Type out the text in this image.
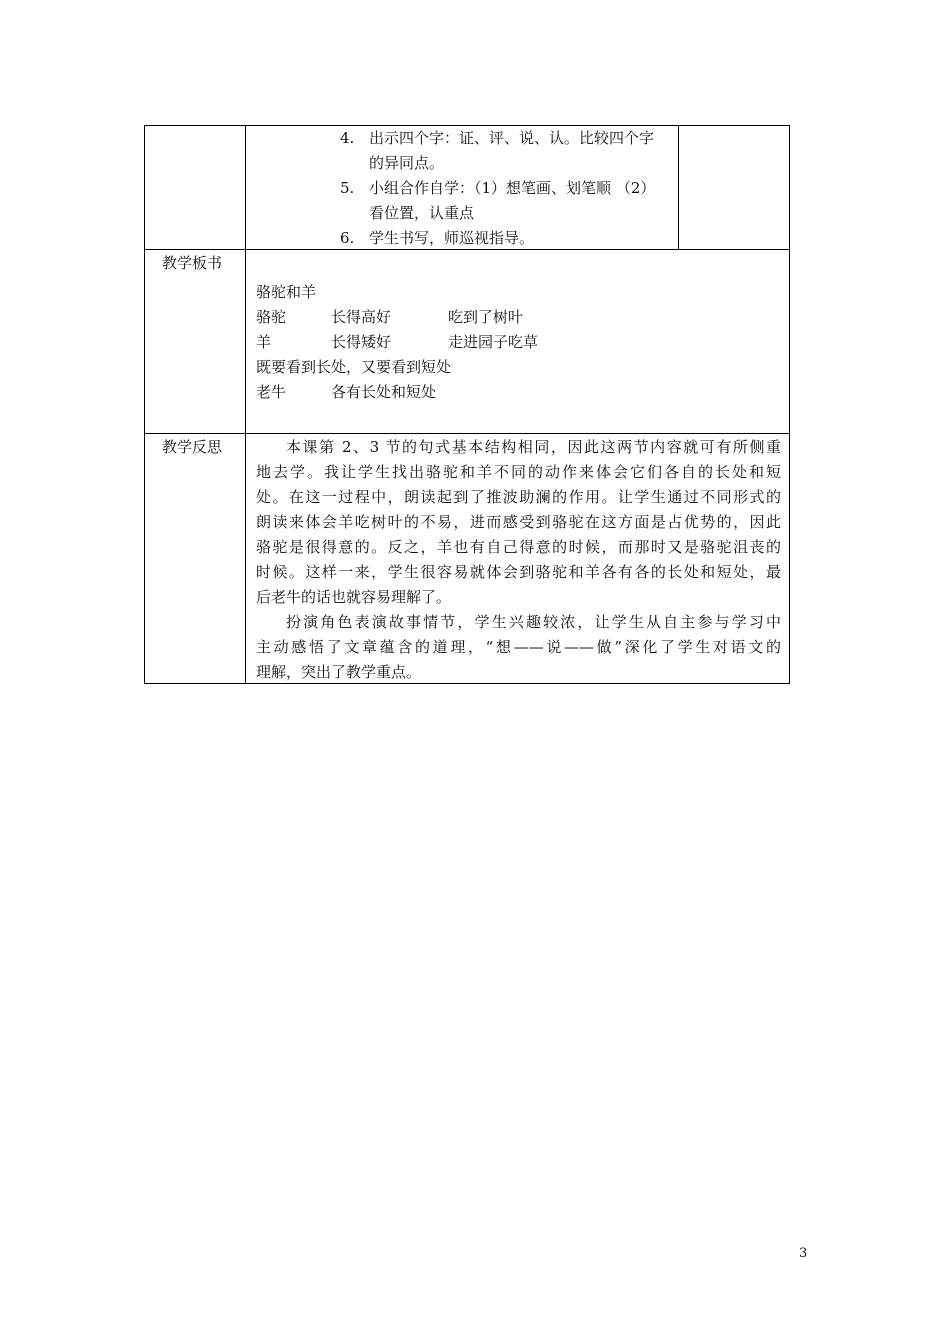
4. 出示四个字：证、评、说、认。比较四个字
的异同点。
5. 小组合作自学：（1）想笔画、划笔顺 （2）
看位置，认重点
6. 学生书写，师巡视指导。
教学板书
骆驼和羊
骆驼	长得高好	吃到了树叶
羊	长得矮好	走进园子吃草
既要看到长处，又要看到短处
老牛	各有长处和短处
教学反思	本课第 2、3 节的句式基本结构相同，因此这两节内容就可有所侧重
地去学。我让学生找出骆驼和羊不同的动作来体会它们各自的长处和短
处。在这一过程中，朗读起到了推波助澜的作用。让学生通过不同形式的
朗读来体会羊吃树叶的不易，进而感受到骆驼在这方面是占优势的，因此
骆驼是很得意的。反之，羊也有自己得意的时候，而那时又是骆驼沮丧的
时候。这样一来，学生很容易就体会到骆驼和羊各有各的长处和短处，最
后老牛的话也就容易理解了。
扮演角色表演故事情节，学生兴趣较浓，让学生从自主参与学习中
主动感悟了文章蕴含的道理，“想——说——做”深化了学生对语文的
理解，突出了教学重点。
3
